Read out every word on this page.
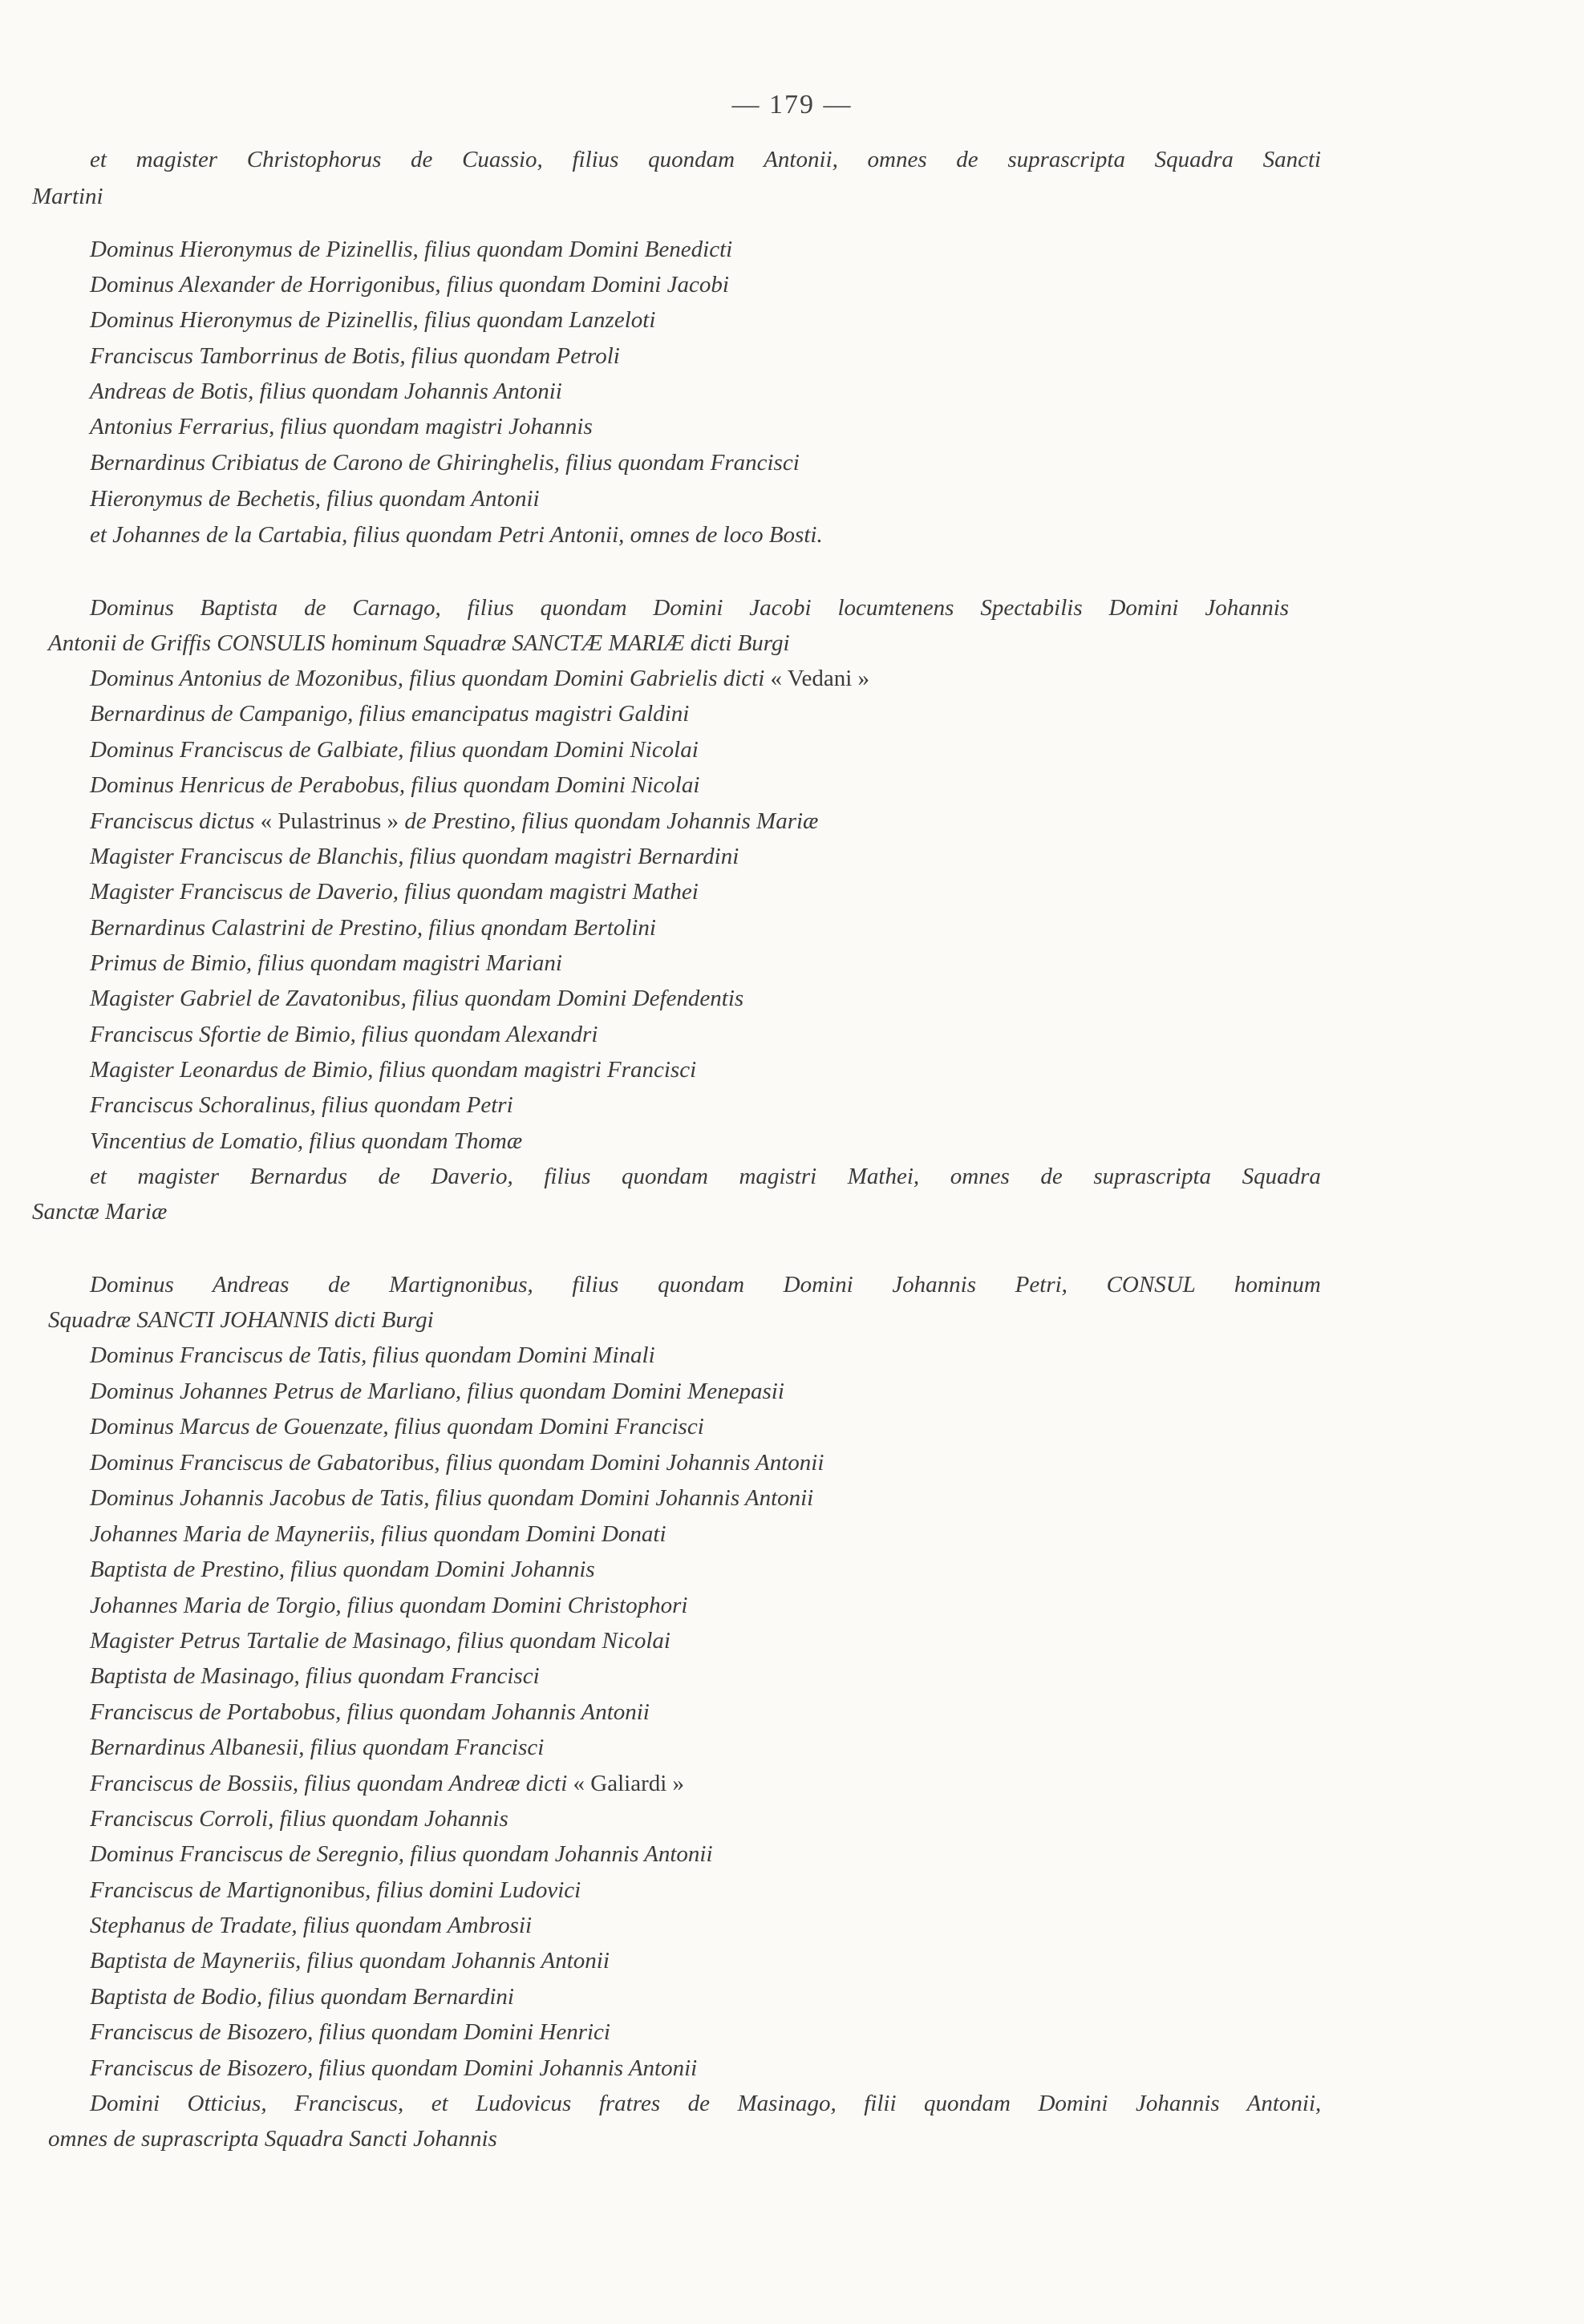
— 179 —
et magister Christophorus de Cuassio, filius quondam Antonii, omnes de suprascripta Squadra Sancti
Martini
Dominus Hieronymus de Pizinellis, filius quondam Domini Benedicti
Dominus Alexander de Horrigonibus, filius quondam Domini Jacobi
Dominus Hieronymus de Pizinellis, filius quondam Lanzeloti
Franciscus Tamborrinus de Botis, filius quondam Petroli
Andreas de Botis, filius quondam Johannis Antonii
Antonius Ferrarius, filius quondam magistri Johannis
Bernardinus Cribiatus de Carono de Ghiringhelis, filius quondam Francisci
Hieronymus de Bechetis, filius quondam Antonii
et Johannes de la Cartabia, filius quondam Petri Antonii, omnes de loco Bosti.
Dominus Baptista de Carnago, filius quondam Domini Jacobi locumtenens Spectabilis Domini Johannis
Antonii de Griffis CONSULIS hominum Squadræ SANCTÆ MARIÆ dicti Burgi
Dominus Antonius de Mozonibus, filius quondam Domini Gabrielis dicti « Vedani »
Bernardinus de Campanigo, filius emancipatus magistri Galdini
Dominus Franciscus de Galbiate, filius quondam Domini Nicolai
Dominus Henricus de Perabobus, filius quondam Domini Nicolai
Franciscus dictus « Pulastrinus » de Prestino, filius quondam Johannis Mariæ
Magister Franciscus de Blanchis, filius quondam magistri Bernardini
Magister Franciscus de Daverio, filius quondam magistri Mathei
Bernardinus Calastrini de Prestino, filius qnondam Bertolini
Primus de Bimio, filius quondam magistri Mariani
Magister Gabriel de Zavatonibus, filius quondam Domini Defendentis
Franciscus Sfortie de Bimio, filius quondam Alexandri
Magister Leonardus de Bimio, filius quondam magistri Francisci
Franciscus Schoralinus, filius quondam Petri
Vincentius de Lomatio, filius quondam Thomæ
et magister Bernardus de Daverio, filius quondam magistri Mathei, omnes de suprascripta Squadra
Sanctæ Mariæ
Dominus Andreas de Martignonibus, filius quondam Domini Johannis Petri, CONSUL hominum
Squadræ SANCTI JOHANNIS dicti Burgi
Dominus Franciscus de Tatis, filius quondam Domini Minali
Dominus Johannes Petrus de Marliano, filius quondam Domini Menepasii
Dominus Marcus de Gouenzate, filius quondam Domini Francisci
Dominus Franciscus de Gabatoribus, filius quondam Domini Johannis Antonii
Dominus Johannis Jacobus de Tatis, filius quondam Domini Johannis Antonii
Johannes Maria de Mayneriis, filius quondam Domini Donati
Baptista de Prestino, filius quondam Domini Johannis
Johannes Maria de Torgio, filius quondam Domini Christophori
Magister Petrus Tartalie de Masinago, filius quondam Nicolai
Baptista de Masinago, filius quondam Francisci
Franciscus de Portabobus, filius quondam Johannis Antonii
Bernardinus Albanesii, filius quondam Francisci
Franciscus de Bossiis, filius quondam Andreæ dicti « Galiardi »
Franciscus Corroli, filius quondam Johannis
Dominus Franciscus de Seregnio, filius quondam Johannis Antonii
Franciscus de Martignonibus, filius domini Ludovici
Stephanus de Tradate, filius quondam Ambrosii
Baptista de Mayneriis, filius quondam Johannis Antonii
Baptista de Bodio, filius quondam Bernardini
Franciscus de Bisozero, filius quondam Domini Henrici
Franciscus de Bisozero, filius quondam Domini Johannis Antonii
Domini Otticius, Franciscus, et Ludovicus fratres de Masinago, filii quondam Domini Johannis Antonii,
omnes de suprascripta Squadra Sancti Johannis
